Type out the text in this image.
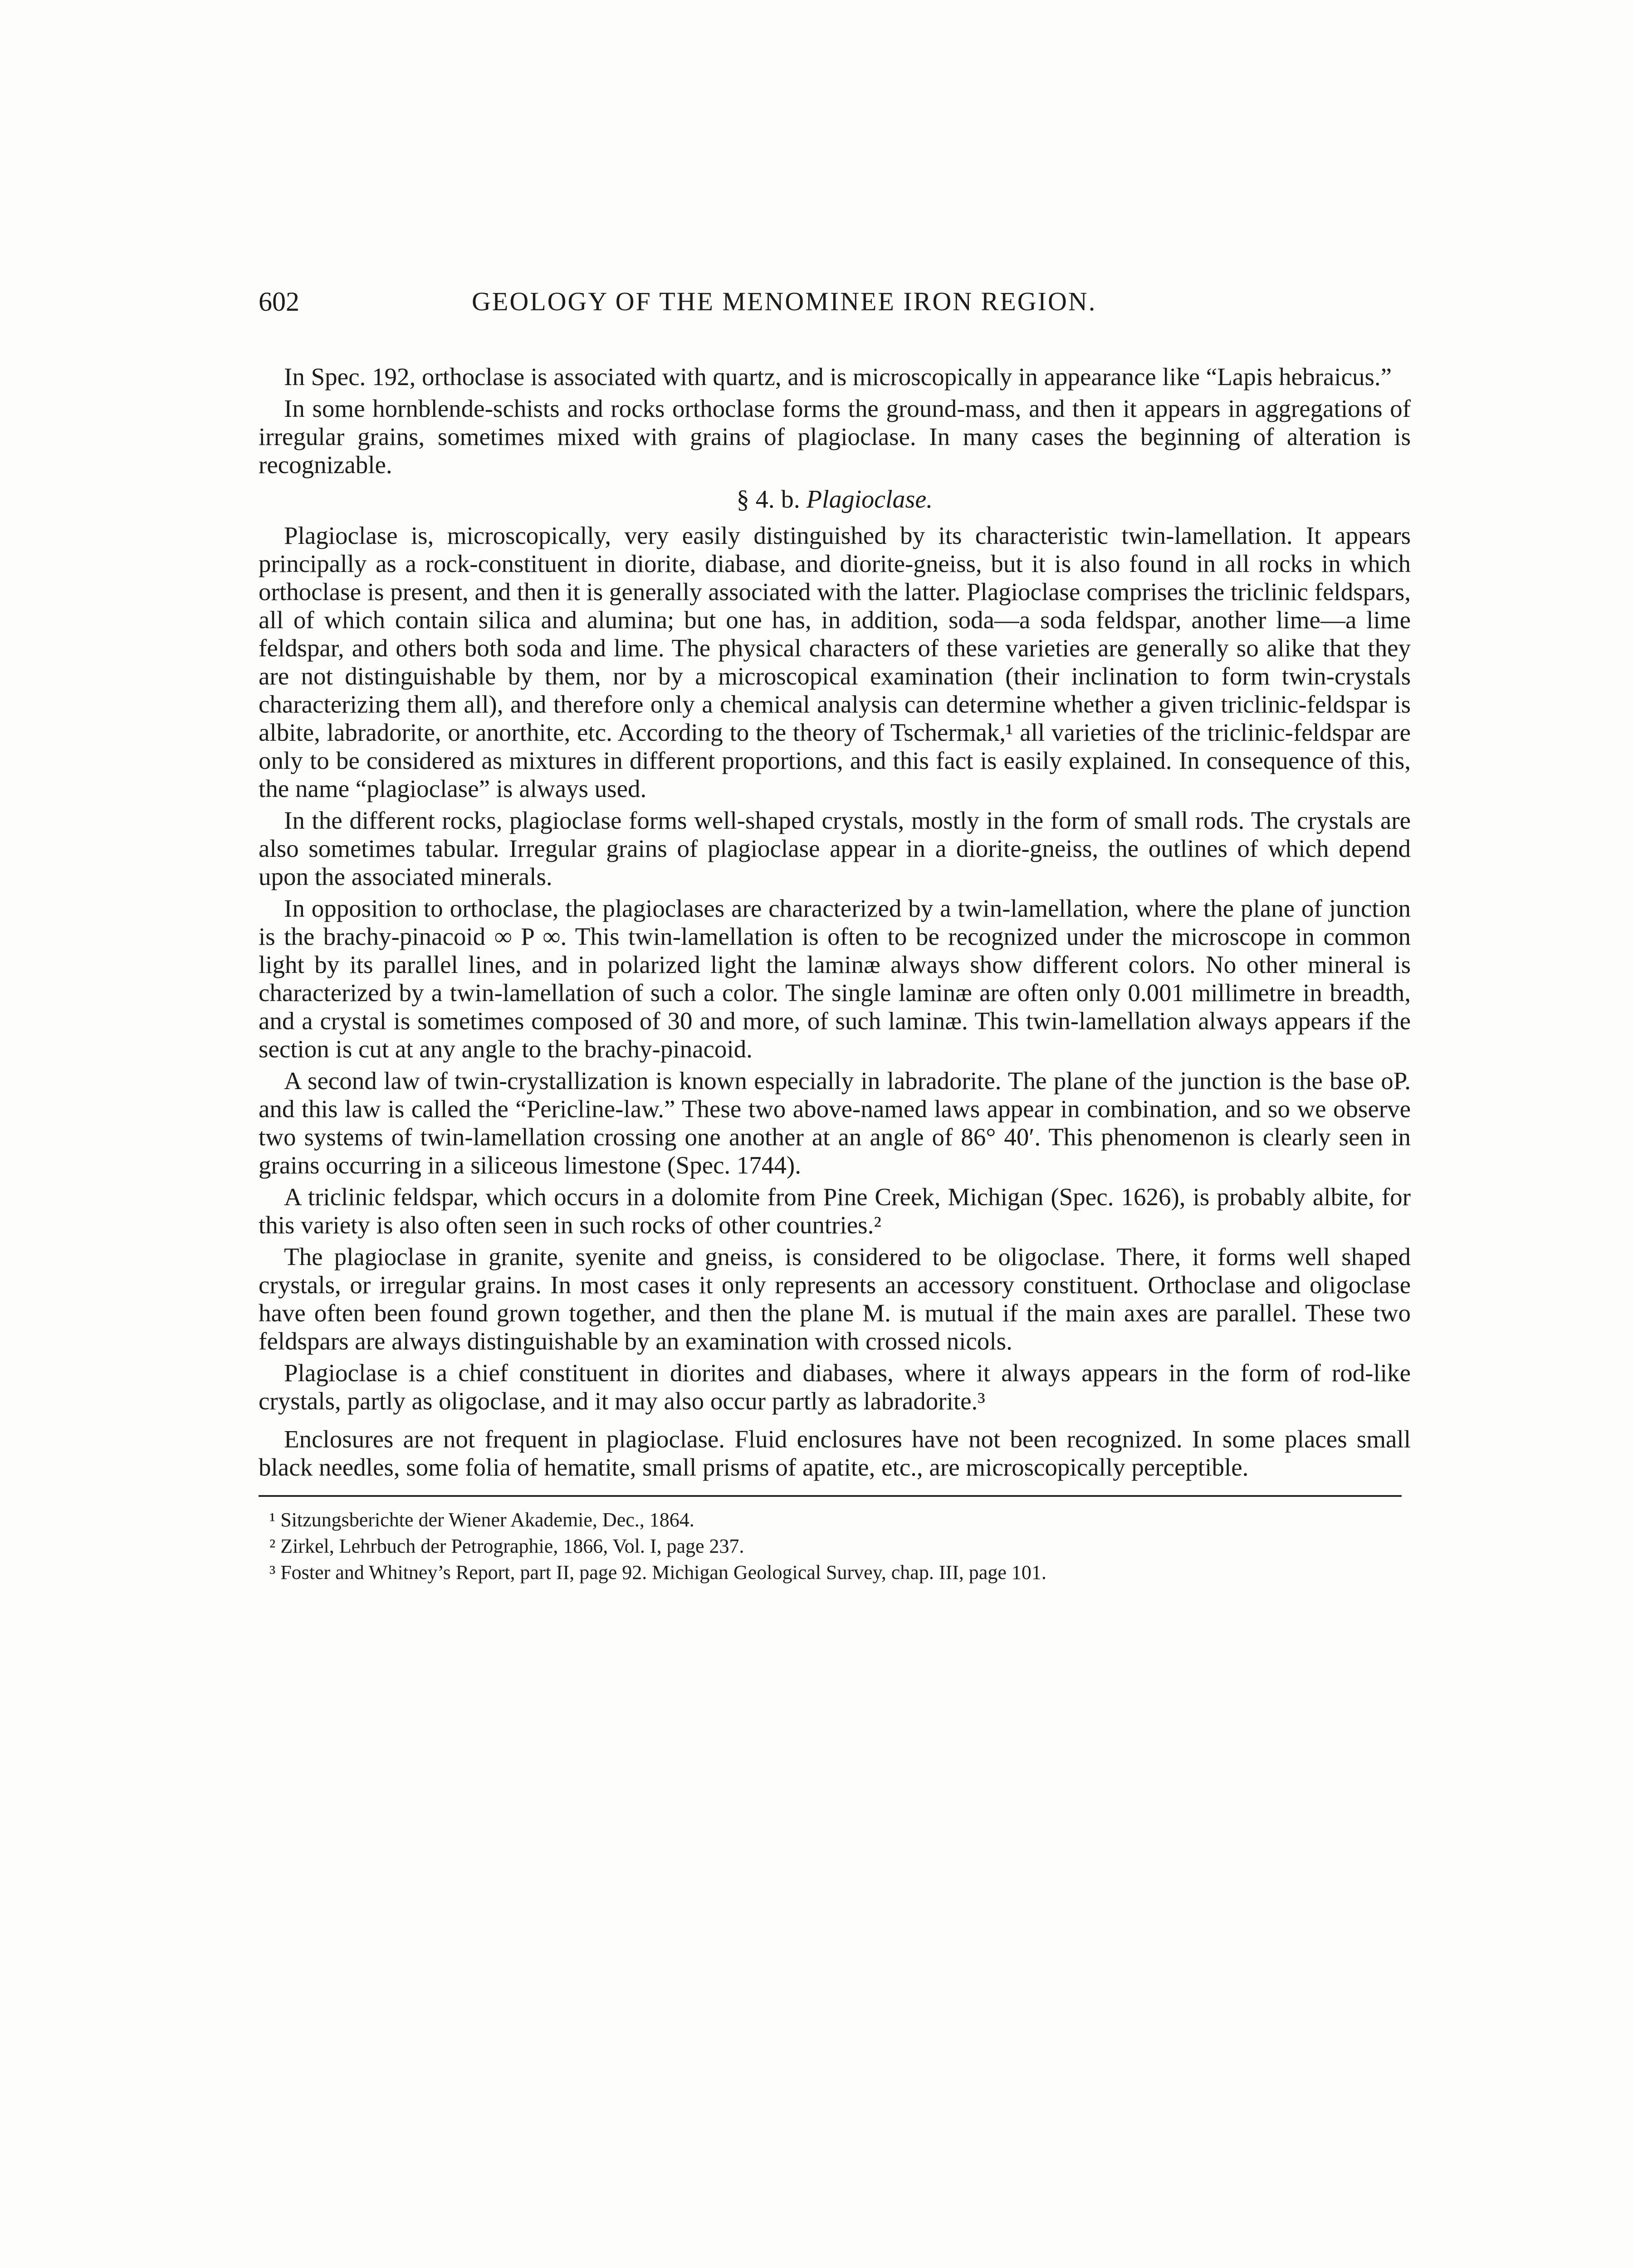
602	GEOLOGY OF THE MENOMINEE IRON REGION.

In Spec. 192, orthoclase is associated with quartz, and is microscopically in appearance like “Lapis hebraicus.”

In some hornblende-schists and rocks orthoclase forms the ground-mass, and then it appears in aggregations of irregular grains, sometimes mixed with grains of plagioclase. In many cases the beginning of alteration is recognizable.

§ 4. b. Plagioclase.

Plagioclase is, microscopically, very easily distinguished by its characteristic twin-lamellation. It appears principally as a rock-constituent in diorite, diabase, and diorite-gneiss, but it is also found in all rocks in which orthoclase is present, and then it is generally associated with the latter. Plagioclase comprises the triclinic feldspars, all of which contain silica and alumina; but one has, in addition, soda—a soda feldspar, another lime—a lime feldspar, and others both soda and lime. The physical characters of these varieties are generally so alike that they are not distinguishable by them, nor by a microscopical examination (their inclination to form twin-crystals characterizing them all), and therefore only a chemical analysis can determine whether a given triclinic-feldspar is albite, labradorite, or anorthite, etc. According to the theory of Tschermak,¹ all varieties of the triclinic-feldspar are only to be considered as mixtures in different proportions, and this fact is easily explained. In consequence of this, the name “plagioclase” is always used.

In the different rocks, plagioclase forms well-shaped crystals, mostly in the form of small rods. The crystals are also sometimes tabular. Irregular grains of plagioclase appear in a diorite-gneiss, the outlines of which depend upon the associated minerals.

In opposition to orthoclase, the plagioclases are characterized by a twin-lamellation, where the plane of junction is the brachy-pinacoid ∞ P ∞. This twin-lamellation is often to be recognized under the microscope in common light by its parallel lines, and in polarized light the laminæ always show different colors. No other mineral is characterized by a twin-lamellation of such a color. The single laminæ are often only 0.001 millimetre in breadth, and a crystal is sometimes composed of 30 and more, of such laminæ. This twin-lamellation always appears if the section is cut at any angle to the brachy-pinacoid.

A second law of twin-crystallization is known especially in labradorite. The plane of the junction is the base oP. and this law is called the “Pericline-law.” These two above-named laws appear in combination, and so we observe two systems of twin-lamellation crossing one another at an angle of 86° 40′. This phenomenon is clearly seen in grains occurring in a siliceous limestone (Spec. 1744).

A triclinic feldspar, which occurs in a dolomite from Pine Creek, Michigan (Spec. 1626), is probably albite, for this variety is also often seen in such rocks of other countries.²

The plagioclase in granite, syenite and gneiss, is considered to be oligoclase. There, it forms well shaped crystals, or irregular grains. In most cases it only represents an accessory constituent. Orthoclase and oligoclase have often been found grown together, and then the plane M. is mutual if the main axes are parallel. These two feldspars are always distinguishable by an examination with crossed nicols.

Plagioclase is a chief constituent in diorites and diabases, where it always appears in the form of rod-like crystals, partly as oligoclase, and it may also occur partly as labradorite.³

Enclosures are not frequent in plagioclase. Fluid enclosures have not been recognized. In some places small black needles, some folia of hematite, small prisms of apatite, etc., are microscopically perceptible.

¹ Sitzungsberichte der Wiener Akademie, Dec., 1864.

² Zirkel, Lehrbuch der Petrographie, 1866, Vol. I, page 237.

³ Foster and Whitney’s Report, part II, page 92. Michigan Geological Survey, chap. III, page 101.
